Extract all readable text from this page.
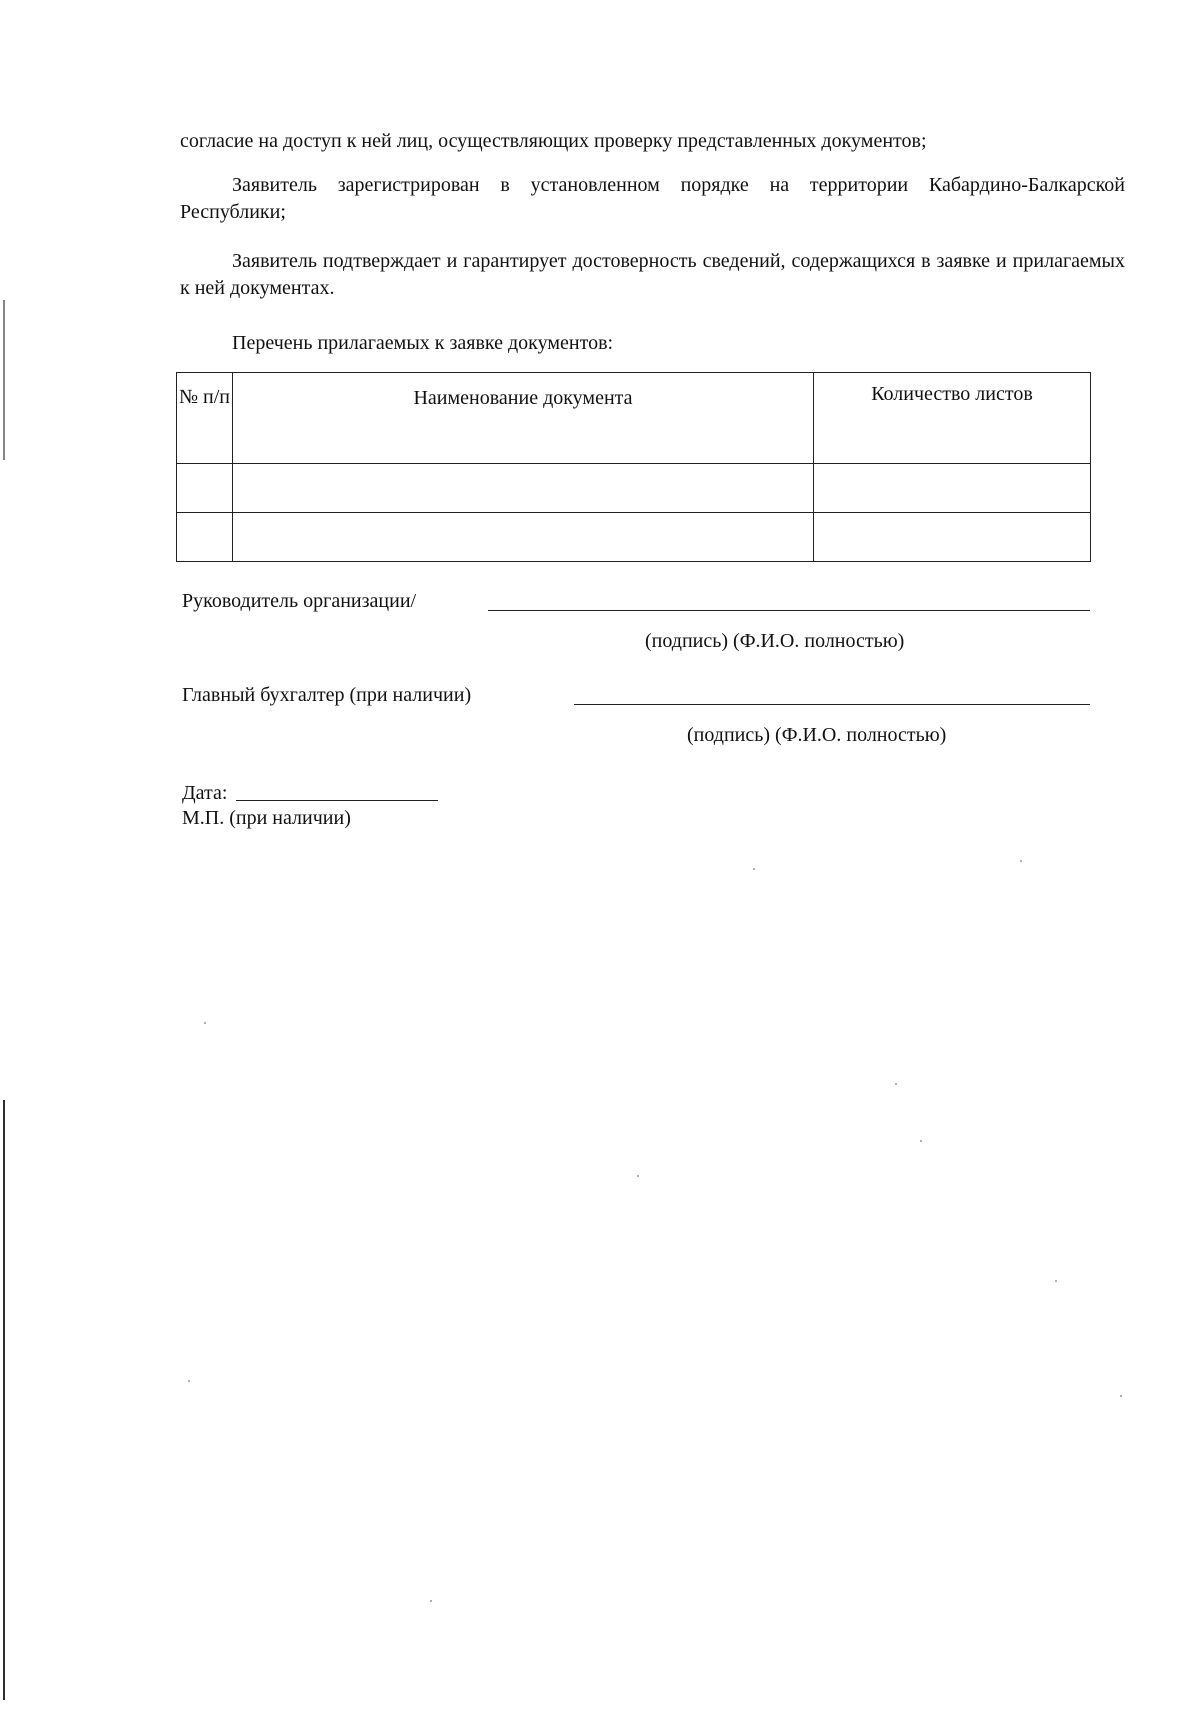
согласие на доступ к ней лиц, осуществляющих проверку представленных документов;
Заявитель зарегистрирован в установленном порядке на территории Кабардино-Балкарской Республики;
Заявитель подтверждает и гарантирует достоверность сведений, содержащихся в заявке и прилагаемых к ней документах.
Перечень прилагаемых к заявке документов:
№ п/п	Наименование документа	Количество листов

Руководитель организации/
(подпись) (Ф.И.О. полностью)
Главный бухгалтер (при наличии)
(подпись) (Ф.И.О. полностью)
Дата:
М.П. (при наличии)
